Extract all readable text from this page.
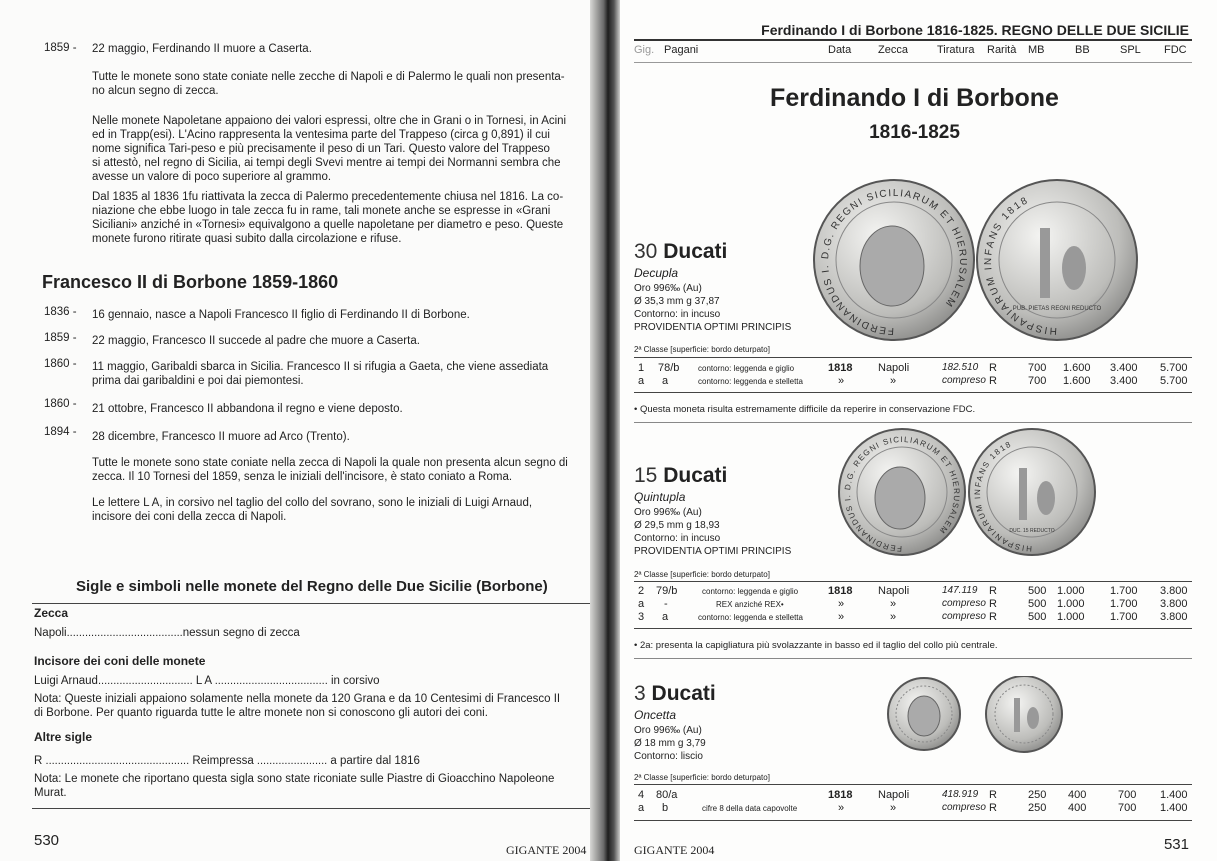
1859 - 22 maggio, Ferdinando II muore a Caserta.
Tutte le monete sono state coniate nelle zecche di Napoli e di Palermo le quali non presenta-
no alcun segno di zecca.
Nelle monete Napoletane appaiono dei valori espressi, oltre che in Grani o in Tornesi, in Acini
ed in Trapp(esi). L'Acino rappresenta la ventesima parte del Trappeso (circa g 0,891) il cui
nome significa Tari-peso e più precisamente il peso di un Tari. Questo valore del Trappeso
si attestò, nel regno di Sicilia, ai tempi degli Svevi mentre ai tempi dei Normanni sembra che
avesse un valore di poco superiore al grammo.
Dal 1835 al 1836 1fu riattivata la zecca di Palermo precedentemente chiusa nel 1816. La co-
niazione che ebbe luogo in tale zecca fu in rame, tali monete anche se espresse in «Grani
Siciliani» anziché in «Tornesi» equivalgono a quelle napoletane per diametro e peso. Queste
monete furono ritirate quasi subito dalla circolazione e rifuse.
Francesco II di Borbone 1859-1860
1836 - 16 gennaio, nasce a Napoli Francesco II figlio di Ferdinando II di Borbone.
1859 - 22 maggio, Francesco II succede al padre che muore a Caserta.
1860 - 11 maggio, Garibaldi sbarca in Sicilia. Francesco II si rifugia a Gaeta, che viene assediata
prima dai garibaldini e poi dai piemontesi.
1860 - 21 ottobre, Francesco II abbandona il regno e viene deposto.
1894 - 28 dicembre, Francesco II muore ad Arco (Trento).
Tutte le monete sono state coniate nella zecca di Napoli la quale non presenta alcun segno di
zecca. Il 10 Tornesi del 1859, senza le iniziali dell'incisore, è stato coniato a Roma.
Le lettere L A, in corsivo nel taglio del collo del sovrano, sono le iniziali di Luigi Arnaud,
incisore dei coni della zecca di Napoli.
Sigle e simboli nelle monete del Regno delle Due Sicilie (Borbone)
Zecca
Napoli......................................nessun segno di zecca
Incisore dei coni delle monete
Luigi Arnaud............................... L A ..................................... in corsivo
Nota: Queste iniziali appaiono solamente nella monete da 120 Grana e da 10 Centesimi di Francesco II
di Borbone. Per quanto riguarda tutte le altre monete non si conoscono gli autori dei coni.
Altre sigle
R ............................................... Reimpressa ....................... a partire dal 1816
Nota: Le monete che riportano questa sigla sono state riconiate sulle Piastre di Gioacchino Napoleone
Murat.
530
GIGANTE 2004
Ferdinando I di Borbone 1816-1825. REGNO DELLE DUE SICILIE
Gig. Pagani	Data Zecca	Tiratura Rarità MB	BB	SPL FDC
Ferdinando I di Borbone
1816-1825
FERDINANDUS I. D.G. REGNI SICILIARUM ET HIERUSALEM
HISPANIARUM INFANS 1818
PUB. PIETAS REGNI REDUCTO
30 Ducati
Decupla
Oro 996‰ (Au)
Ø 35,3 mm g 37,87
Contorno: in incuso
PROVIDENTIA OPTIMI PRINCIPIS
2ª Classe [superficie: bordo deturpato]
1 78/b contorno: leggenda e giglio	1818 Napoli	182.510 R	700 1.600 3.400 5.700
a a	contorno: leggenda e stelletta	»	»	compreso R	700 1.600 3.400 5.700
• Questa moneta risulta estremamente difficile da reperire in conservazione FDC.
FERDINANDUS I. D.G. REGNI SICILIARUM ET HIERUSALEM
HISPANIARUM INFANS 1818
DUC. 15 REDUCTO
15 Ducati
Quintupla
Oro 996‰ (Au)
Ø 29,5 mm g 18,93
Contorno: in incuso
PROVIDENTIA OPTIMI PRINCIPIS
2ª Classe [superficie: bordo deturpato]
2 79/b	contorno: leggenda e giglio	1818 Napoli	147.119 R	500 1.000 1.700 3.800
a -	REX anziché REX•	»	»	compreso R	500 1.000 1.700 3.800
3 a	contorno: leggenda e stelletta	»	»	compreso R	500 1.000 1.700 3.800
• 2a: presenta la capigliatura più svolazzante in basso ed il taglio del collo più centrale.
3 Ducati
Oncetta
Oro 996‰ (Au)
Ø 18 mm g 3,79
Contorno: liscio
2ª Classe [superficie: bordo deturpato]
4 80/a	1818 Napoli	418.919 R	250 400	700 1.400
a b	cifre 8 della data capovolte	»	»	compreso R	250 400	700 1.400
GIGANTE 2004	531
